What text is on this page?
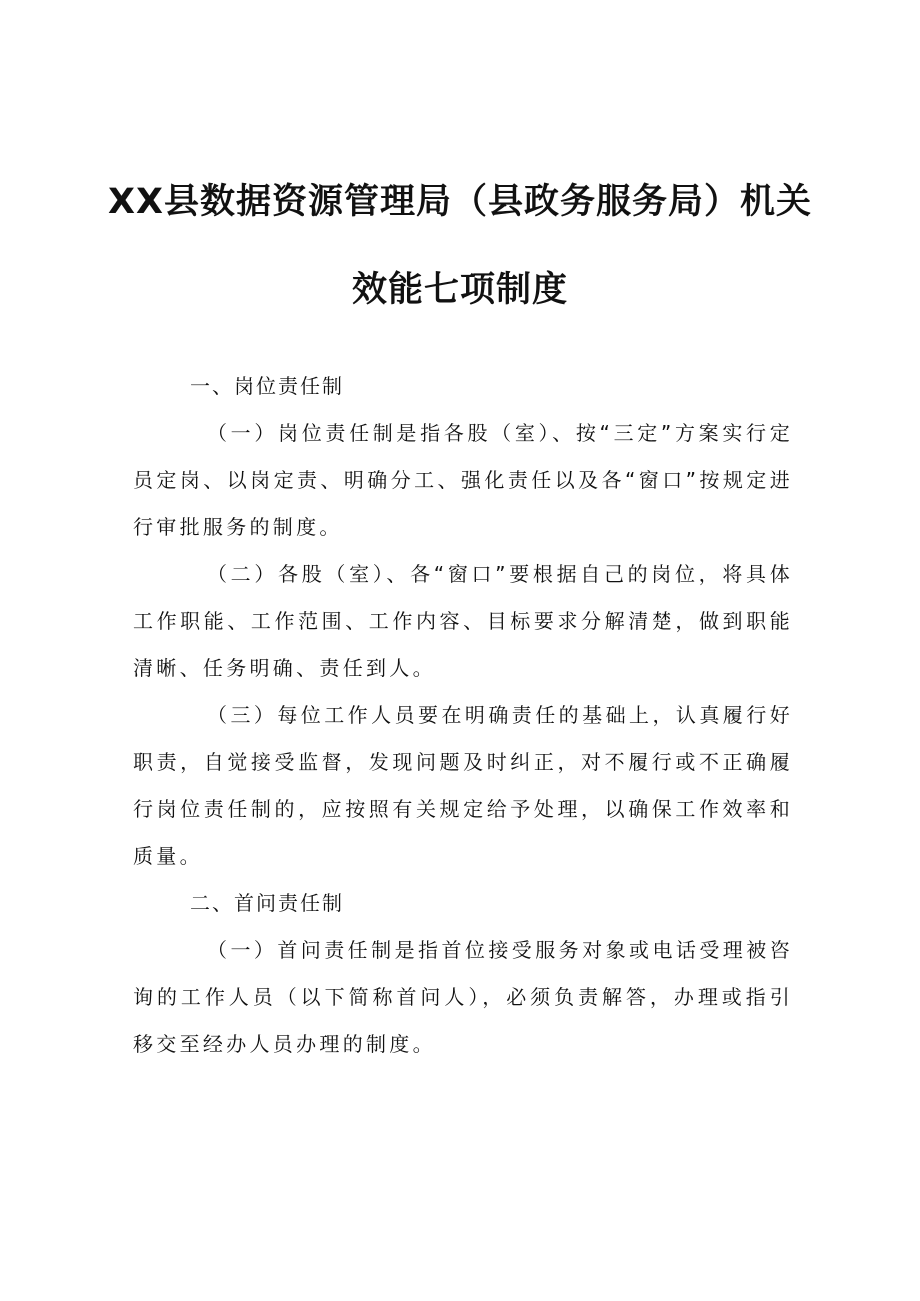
XX县数据资源管理局（县政务服务局）机关
效能七项制度

一、岗位责任制

（一）岗位责任制是指各股（室）、按“三定”方案实行定员定岗、以岗定责、明确分工、强化责任以及各“窗口”按规定进行审批服务的制度。

（二）各股（室）、各“窗口”要根据自己的岗位，将具体工作职能、工作范围、工作内容、目标要求分解清楚，做到职能清晰、任务明确、责任到人。

（三）每位工作人员要在明确责任的基础上，认真履行好职责，自觉接受监督，发现问题及时纠正，对不履行或不正确履行岗位责任制的，应按照有关规定给予处理，以确保工作效率和质量。

二、首问责任制

（一）首问责任制是指首位接受服务对象或电话受理被咨询的工作人员（以下简称首问人），必须负责解答，办理或指引移交至经办人员办理的制度。
